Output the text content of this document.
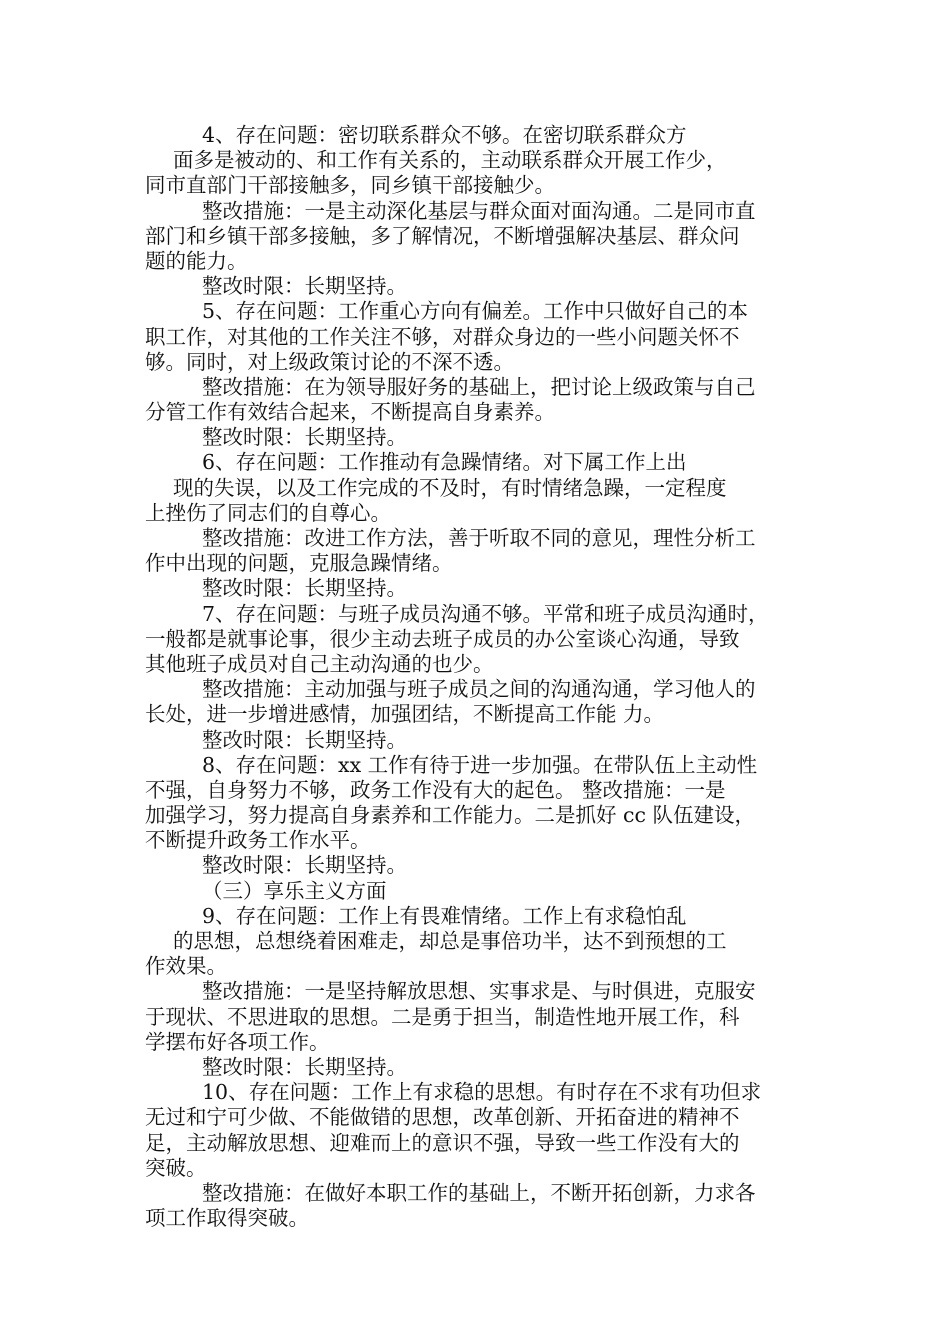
4、存在问题：密切联系群众不够。在密切联系群众方
面多是被动的、和工作有关系的，主动联系群众开展工作少，
同市直部门干部接触多，同乡镇干部接触少。
整改措施：一是主动深化基层与群众面对面沟通。二是同市直
部门和乡镇干部多接触，多了解情况，不断增强解决基层、群众问
题的能力。
整改时限：长期坚持。
5、存在问题：工作重心方向有偏差。工作中只做好自己的本
职工作，对其他的工作关注不够，对群众身边的一些小问题关怀不
够。同时，对上级政策讨论的不深不透。
整改措施：在为领导服好务的基础上，把讨论上级政策与自己
分管工作有效结合起来，不断提高自身素养。
整改时限：长期坚持。
6、存在问题：工作推动有急躁情绪。对下属工作上出
现的失误，以及工作完成的不及时，有时情绪急躁，一定程度
上挫伤了同志们的自尊心。
整改措施：改进工作方法，善于听取不同的意见，理性分析工
作中出现的问题，克服急躁情绪。
整改时限：长期坚持。
7、存在问题：与班子成员沟通不够。平常和班子成员沟通时，
一般都是就事论事，很少主动去班子成员的办公室谈心沟通，导致
其他班子成员对自己主动沟通的也少。
整改措施：主动加强与班子成员之间的沟通沟通，学习他人的
长处，进一步增进感情，加强团结，不断提高工作能 力。
整改时限：长期坚持。
8、存在问题：xx 工作有待于进一步加强。在带队伍上主动性
不强，自身努力不够，政务工作没有大的起色。 整改措施：一是
加强学习，努力提高自身素养和工作能力。二是抓好 cc 队伍建设，
不断提升政务工作水平。
整改时限：长期坚持。
（三）享乐主义方面
9、存在问题：工作上有畏难情绪。工作上有求稳怕乱
的思想，总想绕着困难走，却总是事倍功半，达不到预想的工
作效果。
整改措施：一是坚持解放思想、实事求是、与时俱进，克服安
于现状、不思进取的思想。二是勇于担当，制造性地开展工作，科
学摆布好各项工作。
整改时限：长期坚持。
10、存在问题：工作上有求稳的思想。有时存在不求有功但求
无过和宁可少做、不能做错的思想，改革创新、开拓奋进的精神不
足，主动解放思想、迎难而上的意识不强，导致一些工作没有大的
突破。
整改措施：在做好本职工作的基础上，不断开拓创新，力求各
项工作取得突破。
